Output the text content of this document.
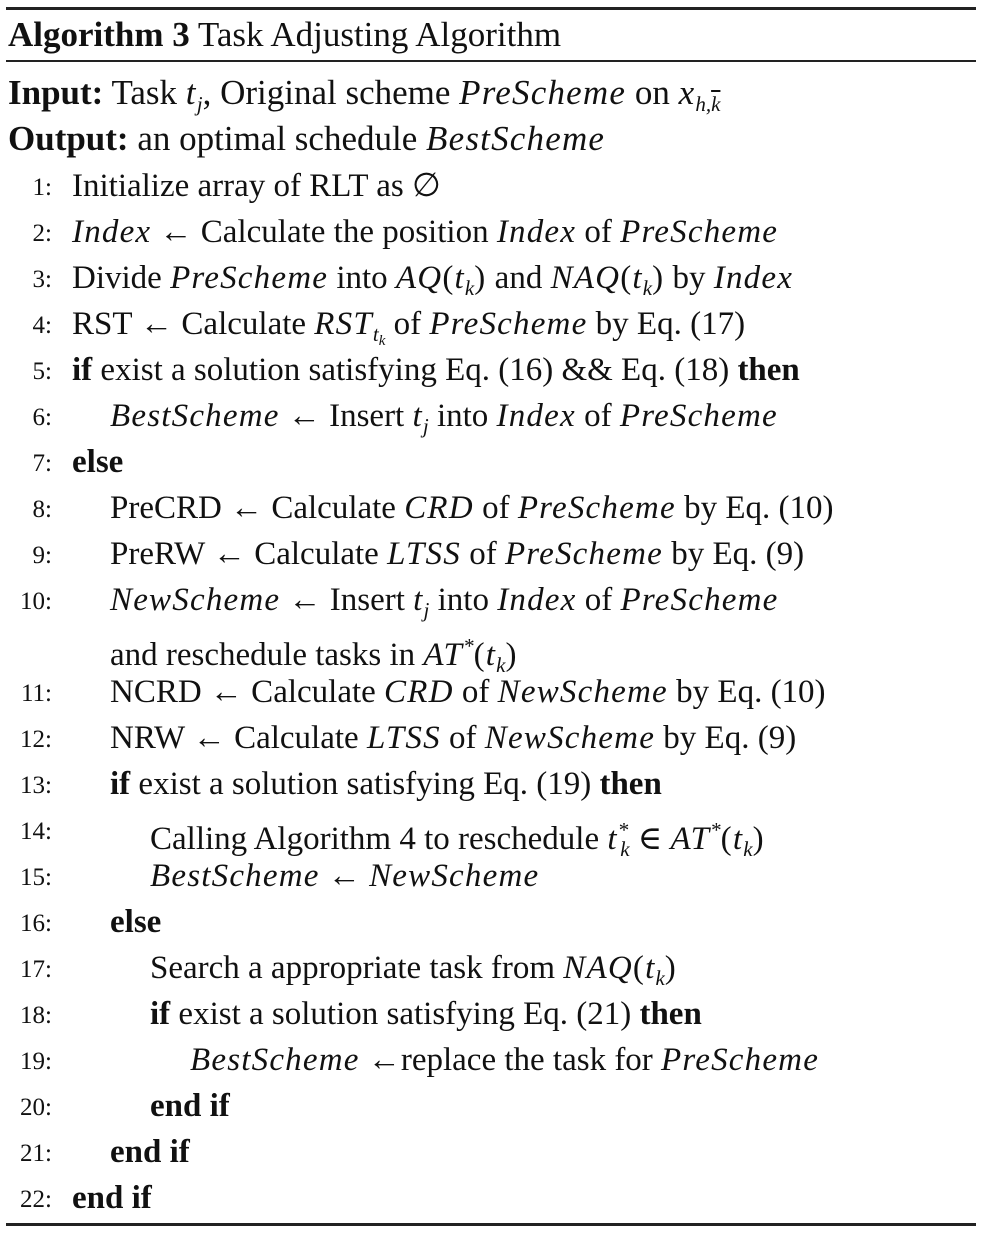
Algorithm 3 Task Adjusting Algorithm
Input: Task $t_j$, Original scheme PreScheme on $x_{h,\overline{k}}$
Output: an optimal schedule BestScheme
1: Initialize array of RLT as ∅
2: Index ← Calculate the position Index of PreScheme
3: Divide PreScheme into $AQ(t_k)$ and $NAQ(t_k)$ by Index
4: RST ← Calculate $RST_{t_k}$ of PreScheme by Eq. (17)
5: if exist a solution satisfying Eq. (16) && Eq. (18) then
6: BestScheme ← Insert $t_j$ into Index of PreScheme
7: else
8: PreCRD ← Calculate CRD of PreScheme by Eq. (10)
9: PreRW ← Calculate LTSS of PreScheme by Eq. (9)
10: NewScheme ← Insert $t_j$ into Index of PreScheme
and reschedule tasks in $AT^*(t_k)$
11: NCRD ← Calculate CRD of NewScheme by Eq. (10)
12: NRW ← Calculate LTSS of NewScheme by Eq. (9)
13: if exist a solution satisfying Eq. (19) then
14:	Calling Algorithm 4 to reschedule $t^*_k$ ∈ $AT^*(t_k)$
15:	BestScheme ← NewScheme
16: else
17:	Search a appropriate task from $NAQ(t_k)$
18:	if exist a solution satisfying Eq. (21) then
19:	BestScheme ←replace the task for PreScheme
20:	end if
21: end if
22: end if
